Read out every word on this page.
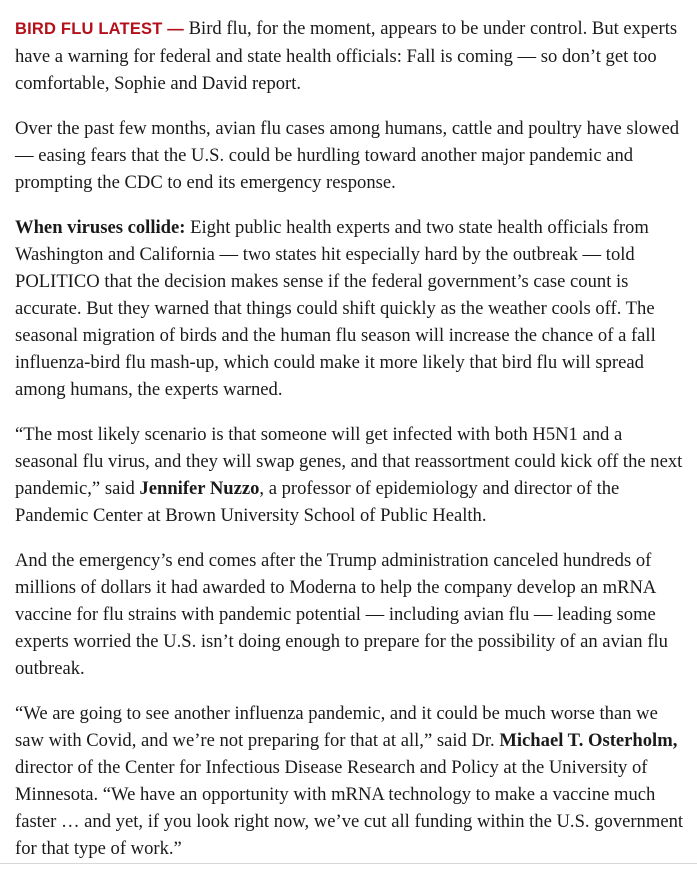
BIRD FLU LATEST — Bird flu, for the moment, appears to be under control. But experts have a warning for federal and state health officials: Fall is coming — so don’t get too comfortable, Sophie and David report.

Over the past few months, avian flu cases among humans, cattle and poultry have slowed — easing fears that the U.S. could be hurdling toward another major pandemic and prompting the CDC to end its emergency response.

When viruses collide: Eight public health experts and two state health officials from Washington and California — two states hit especially hard by the outbreak — told POLITICO that the decision makes sense if the federal government’s case count is accurate. But they warned that things could shift quickly as the weather cools off. The seasonal migration of birds and the human flu season will increase the chance of a fall influenza-bird flu mash-up, which could make it more likely that bird flu will spread among humans, the experts warned.

“The most likely scenario is that someone will get infected with both H5N1 and a seasonal flu virus, and they will swap genes, and that reassortment could kick off the next pandemic,” said Jennifer Nuzzo, a professor of epidemiology and director of the Pandemic Center at Brown University School of Public Health.

And the emergency’s end comes after the Trump administration canceled hundreds of millions of dollars it had awarded to Moderna to help the company develop an mRNA vaccine for flu strains with pandemic potential — including avian flu — leading some experts worried the U.S. isn’t doing enough to prepare for the possibility of an avian flu outbreak.

“We are going to see another influenza pandemic, and it could be much worse than we saw with Covid, and we’re not preparing for that at all,” said Dr. Michael T. Osterholm, director of the Center for Infectious Disease Research and Policy at the University of Minnesota. “We have an opportunity with mRNA technology to make a vaccine much faster … and yet, if you look right now, we’ve cut all funding within the U.S. government for that type of work.”
